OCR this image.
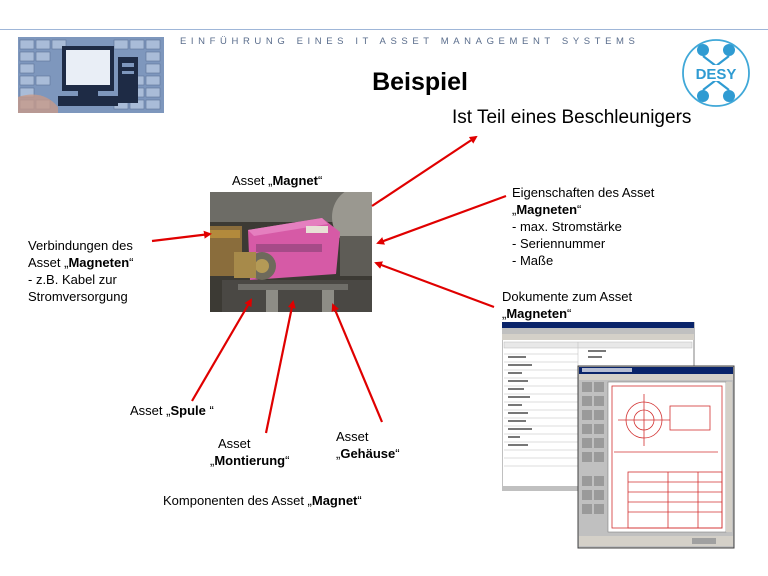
EINFÜHRUNG EINES IT ASSET MANAGEMENT SYSTEMS
DESY
Beispiel
Ist Teil eines Beschleunigers
Asset „Magnet“
Verbindungen des
Asset „Magneten“
- z.B. Kabel zur
Stromversorgung
Eigenschaften des Asset
„Magneten“
- max. Stromstärke
- Seriennummer
- Maße
Dokumente zum Asset
„Magneten“
Asset „Spule “
Asset
„Montierung“
Asset
„Gehäuse“
Komponenten des Asset „Magnet“
